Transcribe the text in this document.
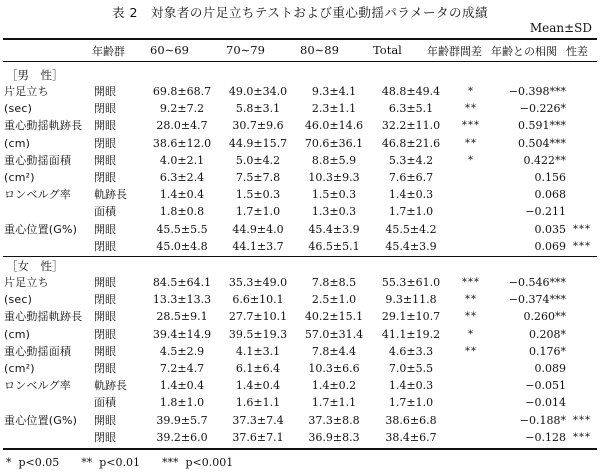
表 2　対象者の片足立ちテストおよび重心動揺パラメータの成績
Mean±SD
年齢群 60∼69	70∼79	80∼89	Total 年齢群間差 年齢との相関 性差
［男　性］
片足立ち	開眼	69.8±68.7	49.0±34.0	9.3±4.1	48.8±49.4	*	−0.398***	
(sec)	閉眼	9.2±7.2	5.8±3.1	2.3±1.1	6.3±5.1	**	−0.226*	
重心動揺軌跡長	開眼	28.0±4.7	30.7±9.6	46.0±14.6	32.2±11.0	***	0.591***	
(cm)	閉眼	38.6±12.0	44.9±15.7	70.6±36.1	46.8±21.6	**	0.504***	
重心動揺面積	開眼	4.0±2.1	5.0±4.2	8.8±5.9	5.3±4.2	*	0.422**	
(cm²)	閉眼	6.3±2.4	7.5±7.8	10.3±9.3	7.6±6.7		0.156	
ロンベルグ率	軌跡長	1.4±0.4	1.5±0.3	1.5±0.3	1.4±0.3		0.068	
	面積	1.8±0.8	1.7±1.0	1.3±0.3	1.7±1.0		−0.211	
重心位置(G%)	開眼	45.5±5.5	44.9±4.0	45.4±3.9	45.5±4.2		0.035	***
	閉眼	45.0±4.8	44.1±3.7	46.5±5.1	45.4±3.9		0.069	***
［女　性］
片足立ち	開眼	84.5±64.1	35.3±49.0	7.8±8.5	55.3±61.0	***	−0.546***	
(sec)	閉眼	13.3±13.3	6.6±10.1	2.5±1.0	9.3±11.8	**	−0.374***	
重心動揺軌跡長	開眼	28.5±9.1	27.7±10.1	40.2±15.1	29.1±10.7	**	0.260**	
(cm)	閉眼	39.4±14.9	39.5±19.3	57.0±31.4	41.1±19.2	*	0.208*	
重心動揺面積	開眼	4.5±2.9	4.1±3.1	7.8±4.4	4.6±3.3	**	0.176*	
(cm²)	閉眼	7.2±4.7	6.1±6.4	10.3±6.6	7.0±5.5		0.089	
ロンベルグ率	軌跡長	1.4±0.4	1.4±0.4	1.4±0.2	1.4±0.3		−0.051	
	面積	1.8±1.0	1.6±1.1	1.7±1.1	1.7±1.0		−0.014	
重心位置(G%)	開眼	39.9±5.7	37.3±7.4	37.3±8.8	38.6±6.8		−0.188*	***
	閉眼	39.2±6.0	37.6±7.1	36.9±8.3	38.4±6.7		−0.128	***
*  p<0.05　　**  p<0.01　　***  p<0.001
